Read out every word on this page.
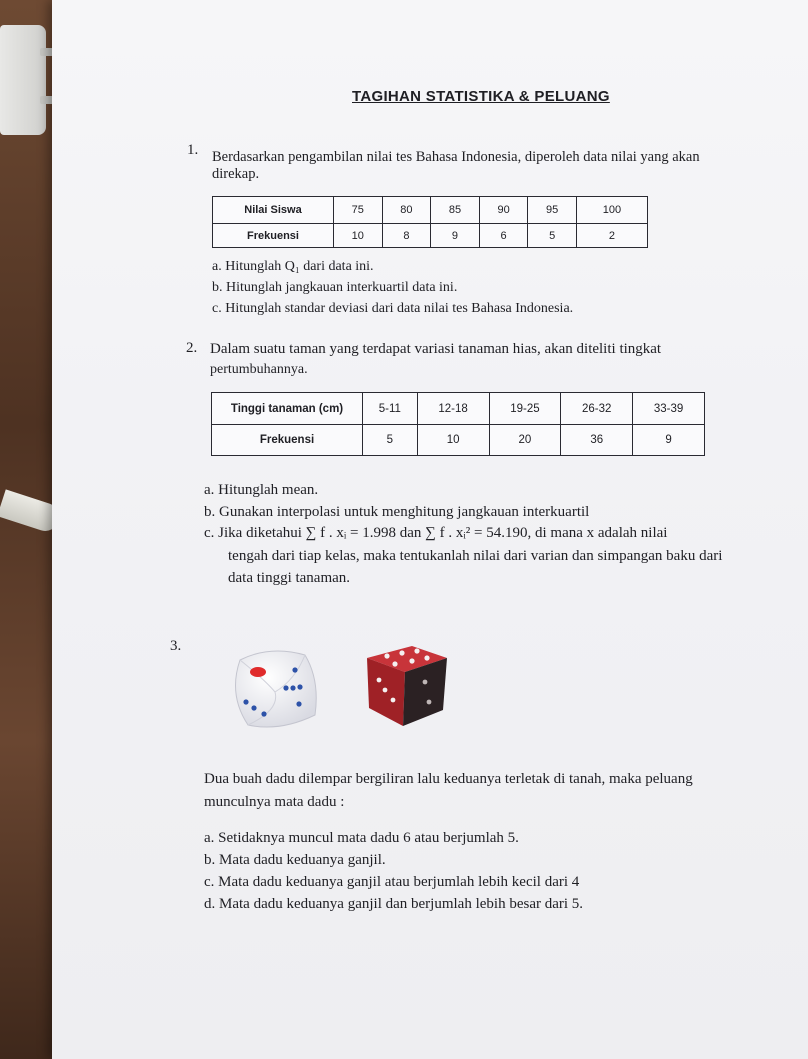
TAGIHAN STATISTIKA & PELUANG

1. Berdasarkan pengambilan nilai tes Bahasa Indonesia, diperoleh data nilai yang akan

direkap.

Nilai Siswa	75	80	85	90	95	100
Frekuensi	10	8	9	6	5	2

a. Hitunglah Q₁ dari data ini.

b. Hitunglah jangkauan interkuartil data ini.

c. Hitunglah standar deviasi dari data nilai tes Bahasa Indonesia.

2. Dalam suatu taman yang terdapat variasi tanaman hias, akan diteliti tingkat

pertumbuhannya.

Tinggi tanaman (cm)	5-11	12-18	19-25	26-32	33-39
Frekuensi	5	10	20	36	9

a. Hitunglah mean.

b. Gunakan interpolasi untuk menghitung jangkauan interkuartil

c. Jika diketahui ∑ f . xᵢ = 1.998 dan ∑ f . xᵢ² = 54.190, di mana x adalah nilai

tengah dari tiap kelas, maka tentukanlah nilai dari varian dan simpangan baku dari

data tinggi tanaman.

3.

Dua buah dadu dilempar bergiliran lalu keduanya terletak di tanah, maka peluang

munculnya mata dadu :

a. Setidaknya muncul mata dadu 6 atau berjumlah 5.

b. Mata dadu keduanya ganjil.

c. Mata dadu keduanya ganjil atau berjumlah lebih kecil dari 4

d. Mata dadu keduanya ganjil dan berjumlah lebih besar dari 5.
